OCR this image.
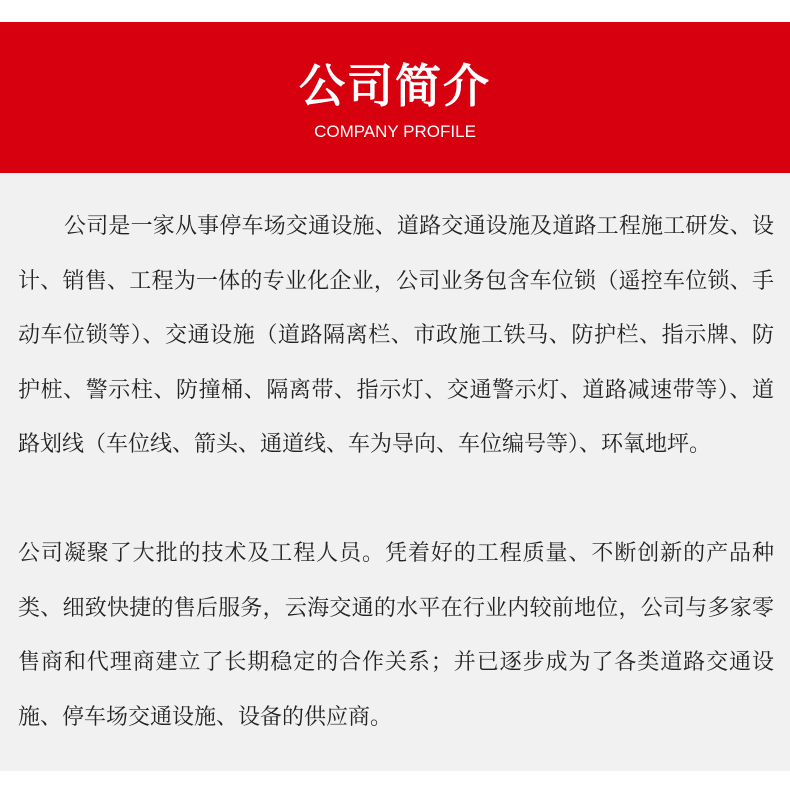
公司简介
COMPANY PROFILE

公司是一家从事停车场交通设施、道路交通设施及道路工程施工研发、设计、销售、工程为一体的专业化企业，公司业务包含车位锁（遥控车位锁、手动车位锁等）、交通设施（道路隔离栏、市政施工铁马、防护栏、指示牌、防护桩、警示柱、防撞桶、隔离带、指示灯、交通警示灯、道路减速带等）、道路划线（车位线、箭头、通道线、车为导向、车位编号等）、环氧地坪。

公司凝聚了大批的技术及工程人员。凭着好的工程质量、不断创新的产品种类、细致快捷的售后服务，云海交通的水平在行业内较前地位，公司与多家零售商和代理商建立了长期稳定的合作关系；并已逐步成为了各类道路交通设施、停车场交通设施、设备的供应商。
